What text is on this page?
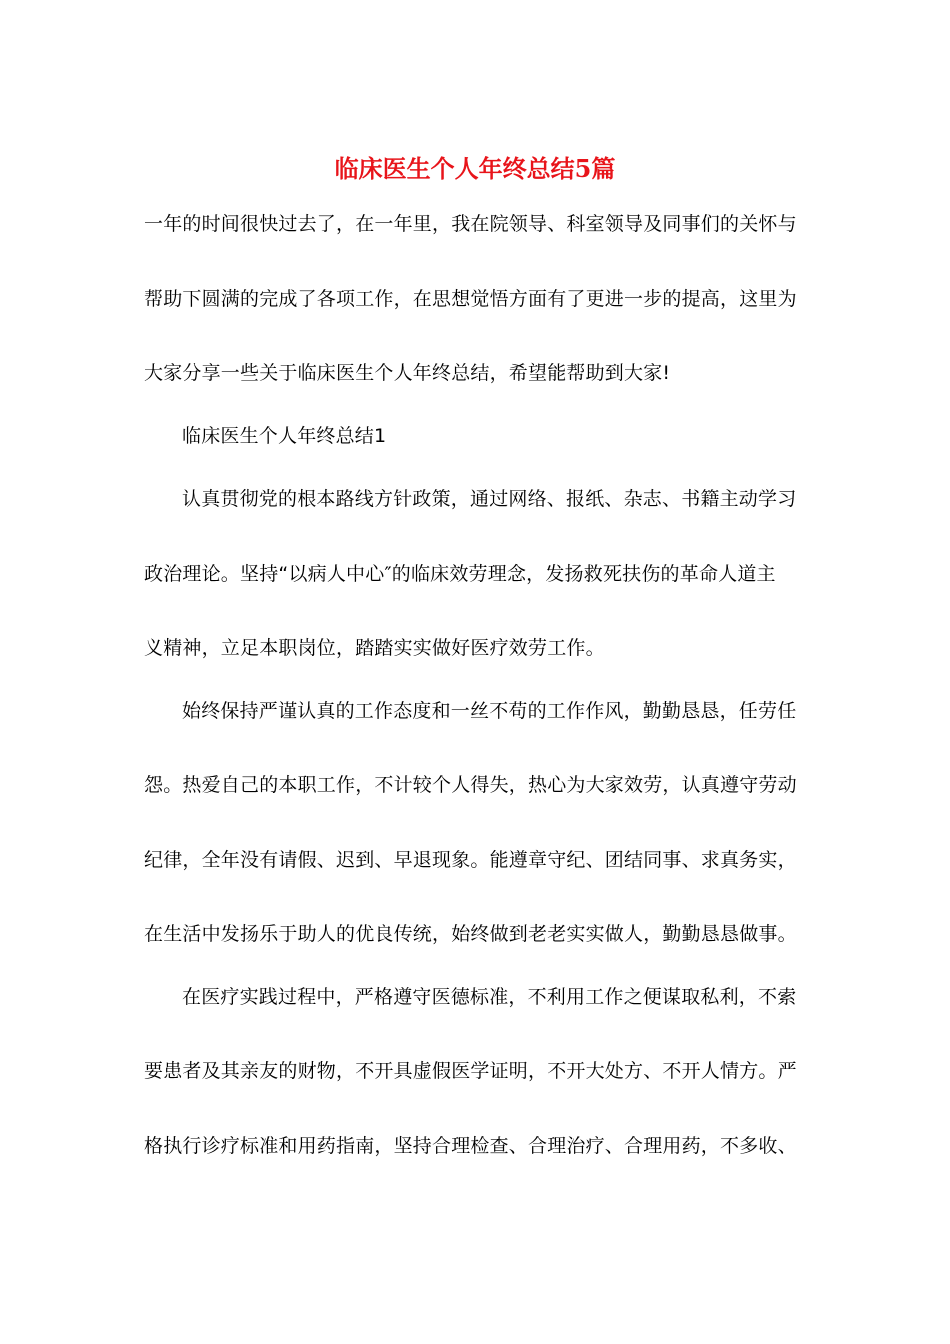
临床医生个人年终总结5篇
一年的时间很快过去了，在一年里，我在院领导、科室领导及同事们的关怀与
帮助下圆满的完成了各项工作，在思想觉悟方面有了更进一步的提高，这里为
大家分享一些关于临床医生个人年终总结，希望能帮助到大家!
临床医生个人年终总结1
认真贯彻党的根本路线方针政策，通过网络、报纸、杂志、书籍主动学习
政治理论。坚持“以病人中心″的临床效劳理念，发扬救死扶伤的革命人道主
义精神，立足本职岗位，踏踏实实做好医疗效劳工作。
始终保持严谨认真的工作态度和一丝不苟的工作作风，勤勤恳恳，任劳任
怨。热爱自己的本职工作，不计较个人得失，热心为大家效劳，认真遵守劳动
纪律，全年没有请假、迟到、早退现象。能遵章守纪、团结同事、求真务实，
在生活中发扬乐于助人的优良传统，始终做到老老实实做人，勤勤恳恳做事。
在医疗实践过程中，严格遵守医德标准，不利用工作之便谋取私利，不索
要患者及其亲友的财物，不开具虚假医学证明，不开大处方、不开人情方。严
格执行诊疗标准和用药指南，坚持合理检查、合理治疗、合理用药，不多收、
